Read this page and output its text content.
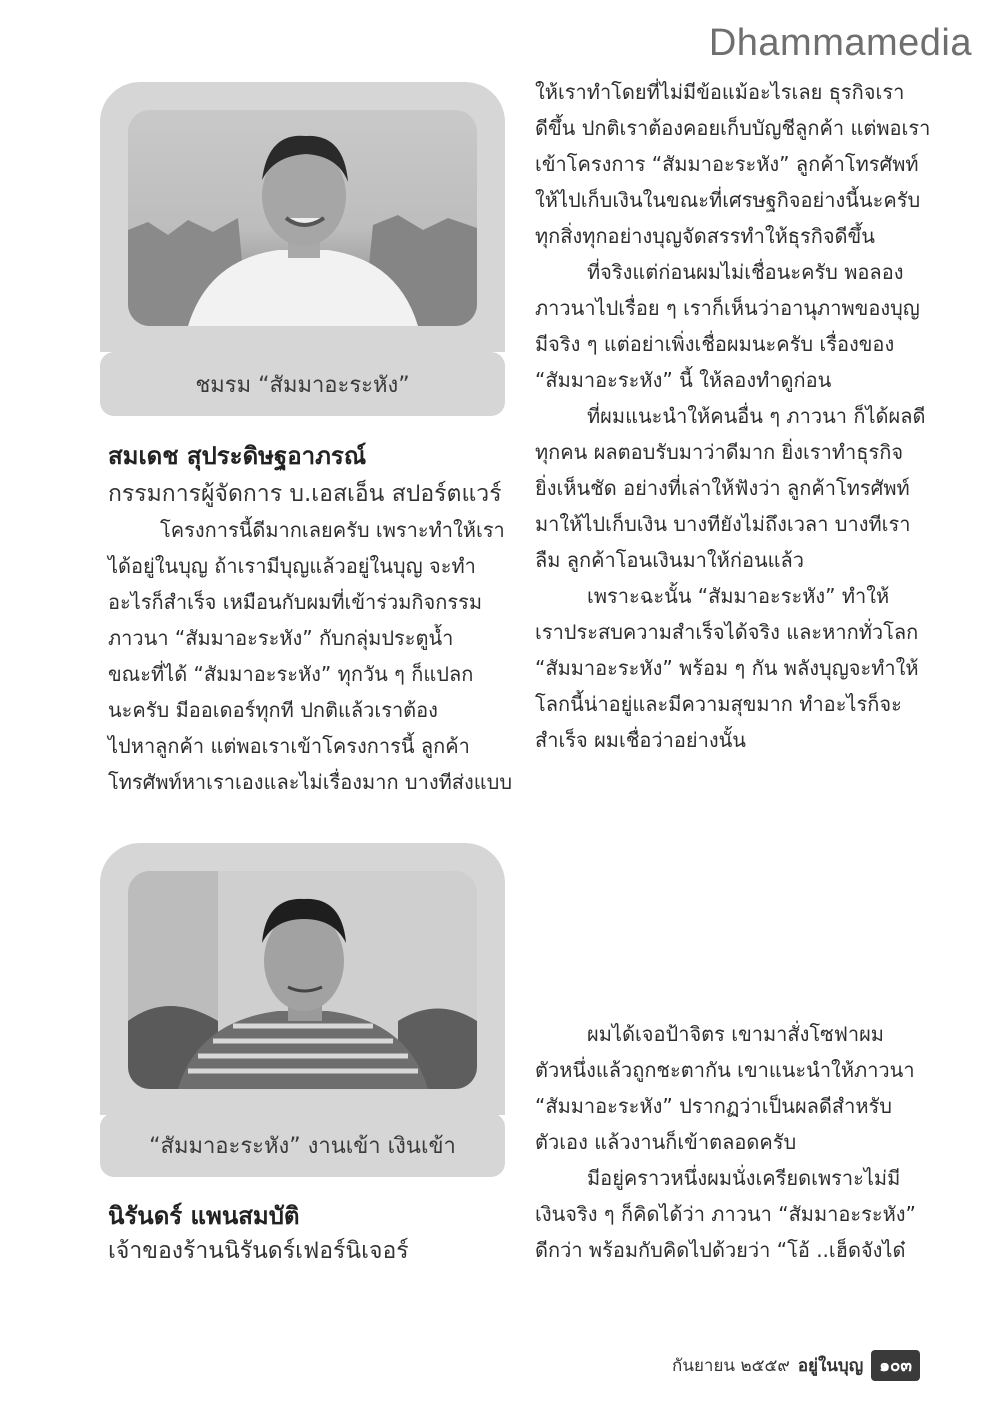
Dhammamedia
ชมรม “สัมมาอะระหัง”
สมเดช สุประดิษฐอาภรณ์
กรรมการผู้จัดการ บ.เอสเอ็น สปอร์ตแวร์
โครงการนี้ดีมากเลยครับ เพราะทำให้เรา
ได้อยู่ในบุญ ถ้าเรามีบุญแล้วอยู่ในบุญ จะทำ
อะไรก็สำเร็จ เหมือนกับผมที่เข้าร่วมกิจกรรม
ภาวนา “สัมมาอะระหัง” กับกลุ่มประตูน้ำ
ขณะที่ได้ “สัมมาอะระหัง” ทุกวัน ๆ ก็แปลก
นะครับ มีออเดอร์ทุกที ปกติแล้วเราต้อง
ไปหาลูกค้า แต่พอเราเข้าโครงการนี้ ลูกค้า
โทรศัพท์หาเราเองและไม่เรื่องมาก บางทีส่งแบบ
ให้เราทำโดยที่ไม่มีข้อแม้อะไรเลย ธุรกิจเรา
ดีขึ้น ปกติเราต้องคอยเก็บบัญชีลูกค้า แต่พอเรา
เข้าโครงการ “สัมมาอะระหัง” ลูกค้าโทรศัพท์
ให้ไปเก็บเงินในขณะที่เศรษฐกิจอย่างนี้นะครับ
ทุกสิ่งทุกอย่างบุญจัดสรรทำให้ธุรกิจดีขึ้น
ที่จริงแต่ก่อนผมไม่เชื่อนะครับ พอลอง
ภาวนาไปเรื่อย ๆ เราก็เห็นว่าอานุภาพของบุญ
มีจริง ๆ แต่อย่าเพิ่งเชื่อผมนะครับ เรื่องของ
“สัมมาอะระหัง” นี้ ให้ลองทำดูก่อน
ที่ผมแนะนำให้คนอื่น ๆ ภาวนา ก็ได้ผลดี
ทุกคน ผลตอบรับมาว่าดีมาก ยิ่งเราทำธุรกิจ
ยิ่งเห็นชัด อย่างที่เล่าให้ฟังว่า ลูกค้าโทรศัพท์
มาให้ไปเก็บเงิน บางทียังไม่ถึงเวลา บางทีเรา
ลืม ลูกค้าโอนเงินมาให้ก่อนแล้ว
เพราะฉะนั้น “สัมมาอะระหัง” ทำให้
เราประสบความสำเร็จได้จริง และหากทั่วโลก
“สัมมาอะระหัง” พร้อม ๆ กัน พลังบุญจะทำให้
โลกนี้น่าอยู่และมีความสุขมาก ทำอะไรก็จะ
สำเร็จ ผมเชื่อว่าอย่างนั้น
“สัมมาอะระหัง” งานเข้า เงินเข้า
นิรันดร์ แพนสมบัติ
เจ้าของร้านนิรันดร์เฟอร์นิเจอร์
ผมได้เจอป้าจิตร เขามาสั่งโซฟาผม
ตัวหนึ่งแล้วถูกชะตากัน เขาแนะนำให้ภาวนา
“สัมมาอะระหัง” ปรากฏว่าเป็นผลดีสำหรับ
ตัวเอง แล้วงานก็เข้าตลอดครับ
มีอยู่คราวหนึ่งผมนั่งเครียดเพราะไม่มี
เงินจริง ๆ ก็คิดได้ว่า ภาวนา “สัมมาอะระหัง”
ดีกว่า พร้อมกับคิดไปด้วยว่า “โอ้ ..เฮ็ดจังได๋
กันยายน ๒๕๕๙ อยู่ในบุญ ๑๐๓
